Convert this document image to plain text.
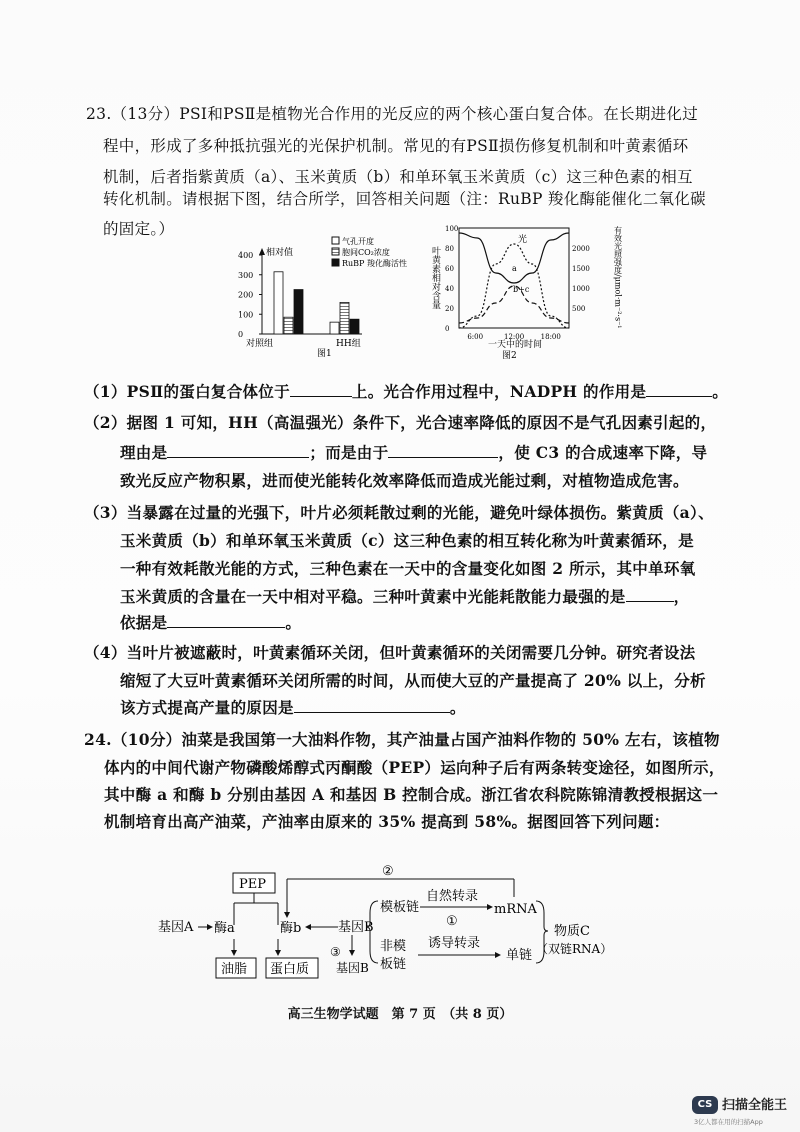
23.（13分）PSⅠ和PSⅡ是植物光合作用的光反应的两个核心蛋白复合体。在长期进化过
程中，形成了多种抵抗强光的光保护机制。常见的有PSⅡ损伤修复机制和叶黄素循环
机制，后者指紫黄质（a）、玉米黄质（b）和单环氧玉米黄质（c）这三种色素的相互
转化机制。请根据下图，结合所学，回答相关问题（注：RuBP 羧化酶能催化二氧化碳
的固定。）
相对值
0
100
200
300
400
对照组	HH组
图1
气孔开度
胞间CO₂浓度
RuBP 羧化酶活性
0
20
40
60
80
100
500
1000
1500
2000
6:00	12:00 18:00
光
a
b+c
一天中的时间
图2
叶黄素相对含量	有效光照强度/μmol·m⁻²·s⁻¹
（1）PSⅡ的蛋白复合体位于	上。光合作用过程中，NADPH 的作用是	。
（2）据图 1 可知，HH（高温强光）条件下，光合速率降低的原因不是气孔因素引起的，
理由是	；而是由于	，使 C3 的合成速率下降，导
致光反应产物积累，进而使光能转化效率降低而造成光能过剩，对植物造成危害。
（3）当暴露在过量的光强下，叶片必须耗散过剩的光能，避免叶绿体损伤。紫黄质（a）、
玉米黄质（b）和单环氧玉米黄质（c）这三种色素的相互转化称为叶黄素循环，是
一种有效耗散光能的方式，三种色素在一天中的含量变化如图 2 所示，其中单环氧
玉米黄质的含量在一天中相对平稳。三种叶黄素中光能耗散能力最强的是	，
依据是	。
（4）当叶片被遮蔽时，叶黄素循环关闭，但叶黄素循环的关闭需要几分钟。研究者设法
缩短了大豆叶黄素循环关闭所需的时间，从而使大豆的产量提高了 20% 以上，分析
该方式提高产量的原因是	。
24.（10分）油菜是我国第一大油料作物，其产油量占国产油料作物的 50% 左右，该植物
体内的中间代谢产物磷酸烯醇式丙酮酸（PEP）运向种子后有两条转变途径，如图所示，
其中酶 a 和酶 b 分别由基因 A 和基因 B 控制合成。浙江省农科院陈锦清教授根据这一
机制培育出高产油菜，产油率由原来的 35% 提高到 58%。据图回答下列问题：
PEP
②
基因A 酶a	酶b	基因B
油脂 蛋白质
③
基因B
模板链
非模
板链
自然转录
①
mRNA
诱导转录
单链
物质C
（双链RNA）
高三生物学试题　第 7 页　（共 8 页）
CS 扫描全能王
3亿人都在用的扫描App
